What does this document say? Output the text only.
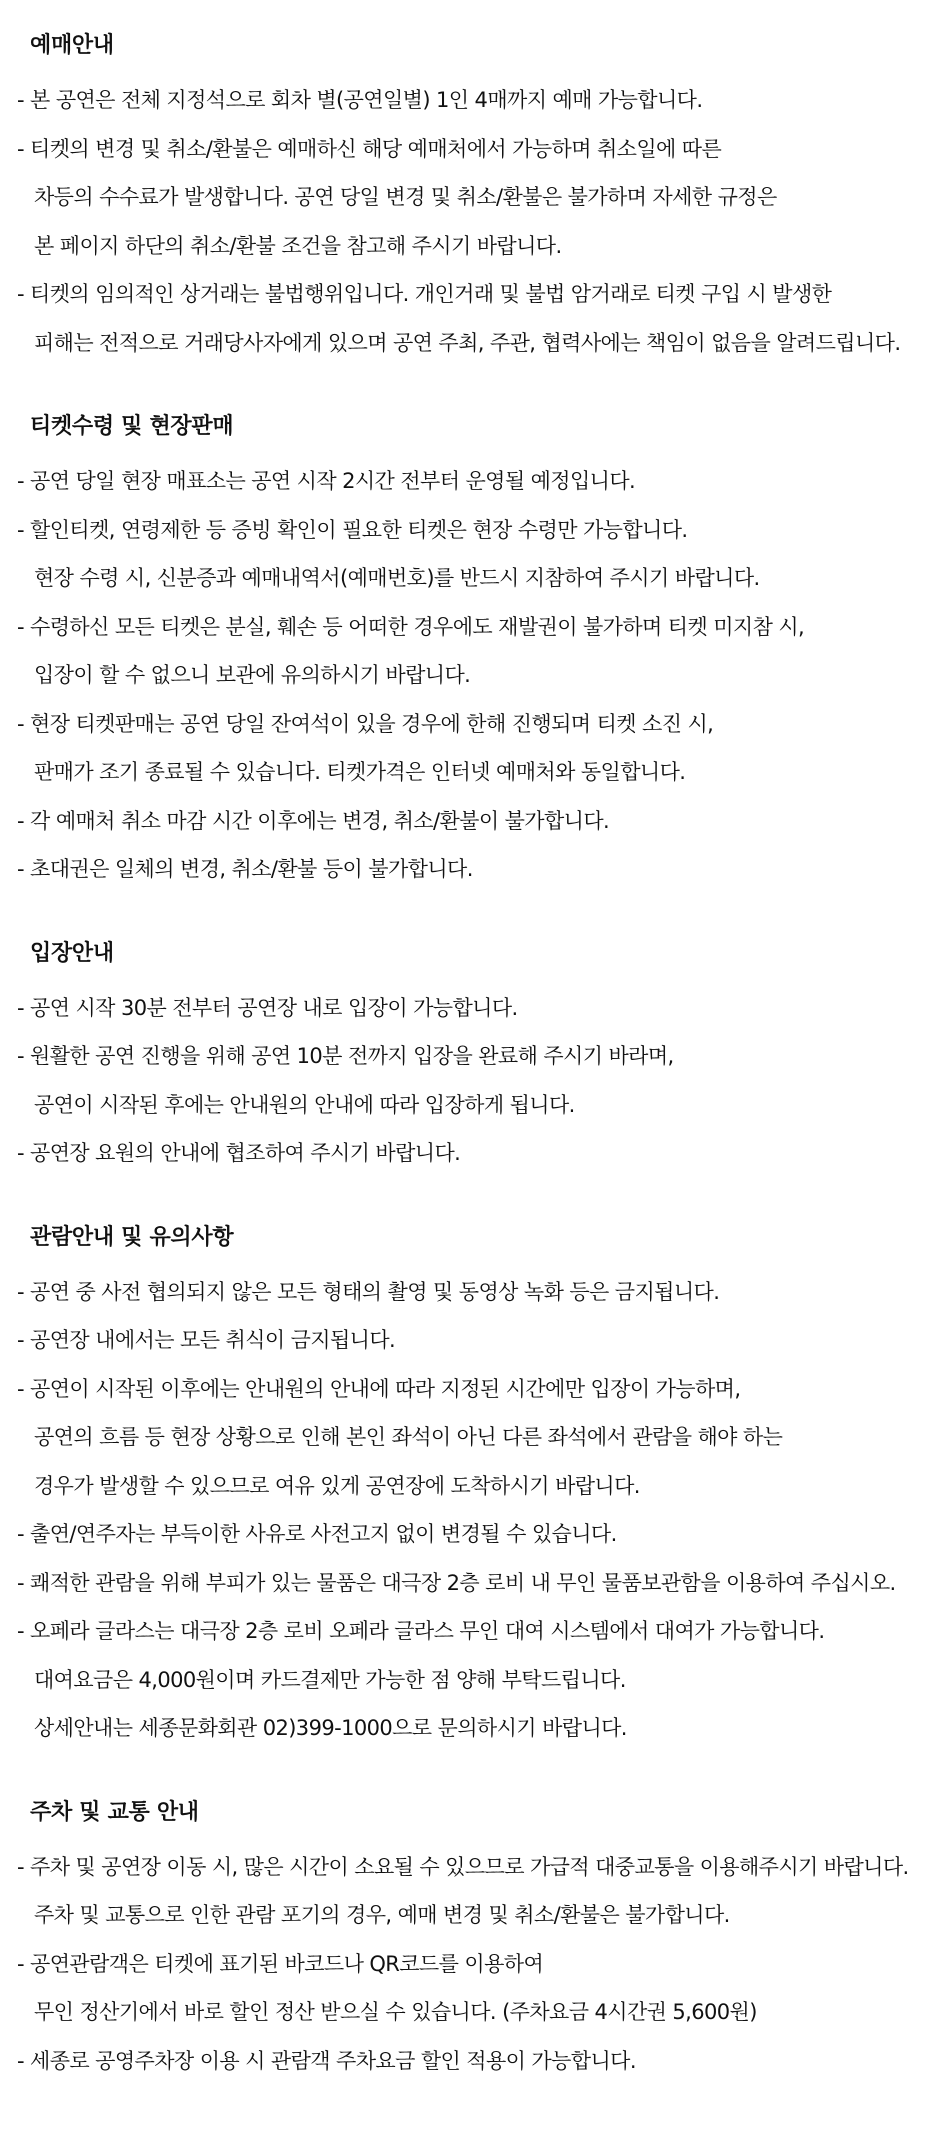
예매안내
- 본 공연은 전체 지정석으로 회차 별(공연일별) 1인 4매까지 예매 가능합니다.
- 티켓의 변경 및 취소/환불은 예매하신 해당 예매처에서 가능하며 취소일에 따른
차등의 수수료가 발생합니다. 공연 당일 변경 및 취소/환불은 불가하며 자세한 규정은
본 페이지 하단의 취소/환불 조건을 참고해 주시기 바랍니다.
- 티켓의 임의적인 상거래는 불법행위입니다. 개인거래 및 불법 암거래로 티켓 구입 시 발생한
피해는 전적으로 거래당사자에게 있으며 공연 주최, 주관, 협력사에는 책임이 없음을 알려드립니다.
티켓수령 및 현장판매
- 공연 당일 현장 매표소는 공연 시작 2시간 전부터 운영될 예정입니다.
- 할인티켓, 연령제한 등 증빙 확인이 필요한 티켓은 현장 수령만 가능합니다.
현장 수령 시, 신분증과 예매내역서(예매번호)를 반드시 지참하여 주시기 바랍니다.
- 수령하신 모든 티켓은 분실, 훼손 등 어떠한 경우에도 재발권이 불가하며 티켓 미지참 시,
입장이 할 수 없으니 보관에 유의하시기 바랍니다.
- 현장 티켓판매는 공연 당일 잔여석이 있을 경우에 한해 진행되며 티켓 소진 시,
판매가 조기 종료될 수 있습니다. 티켓가격은 인터넷 예매처와 동일합니다.
- 각 예매처 취소 마감 시간 이후에는 변경, 취소/환불이 불가합니다.
- 초대권은 일체의 변경, 취소/환불 등이 불가합니다.
입장안내
- 공연 시작 30분 전부터 공연장 내로 입장이 가능합니다.
- 원활한 공연 진행을 위해 공연 10분 전까지 입장을 완료해 주시기 바라며,
공연이 시작된 후에는 안내원의 안내에 따라 입장하게 됩니다.
- 공연장 요원의 안내에 협조하여 주시기 바랍니다.
관람안내 및 유의사항
- 공연 중 사전 협의되지 않은 모든 형태의 촬영 및 동영상 녹화 등은 금지됩니다.
- 공연장 내에서는 모든 취식이 금지됩니다.
- 공연이 시작된 이후에는 안내원의 안내에 따라 지정된 시간에만 입장이 가능하며,
공연의 흐름 등 현장 상황으로 인해 본인 좌석이 아닌 다른 좌석에서 관람을 해야 하는
경우가 발생할 수 있으므로 여유 있게 공연장에 도착하시기 바랍니다.
- 출연/연주자는 부득이한 사유로 사전고지 없이 변경될 수 있습니다.
- 쾌적한 관람을 위해 부피가 있는 물품은 대극장 2층 로비 내 무인 물품보관함을 이용하여 주십시오.
- 오페라 글라스는 대극장 2층 로비 오페라 글라스 무인 대여 시스템에서 대여가 가능합니다.
대여요금은 4,000원이며 카드결제만 가능한 점 양해 부탁드립니다.
상세안내는 세종문화회관 02)399-1000으로 문의하시기 바랍니다.
주차 및 교통 안내
- 주차 및 공연장 이동 시, 많은 시간이 소요될 수 있으므로 가급적 대중교통을 이용해주시기 바랍니다.
주차 및 교통으로 인한 관람 포기의 경우, 예매 변경 및 취소/환불은 불가합니다.
- 공연관람객은 티켓에 표기된 바코드나 QR코드를 이용하여
무인 정산기에서 바로 할인 정산 받으실 수 있습니다. (주차요금 4시간권 5,600원)
- 세종로 공영주차장 이용 시 관람객 주차요금 할인 적용이 가능합니다.
